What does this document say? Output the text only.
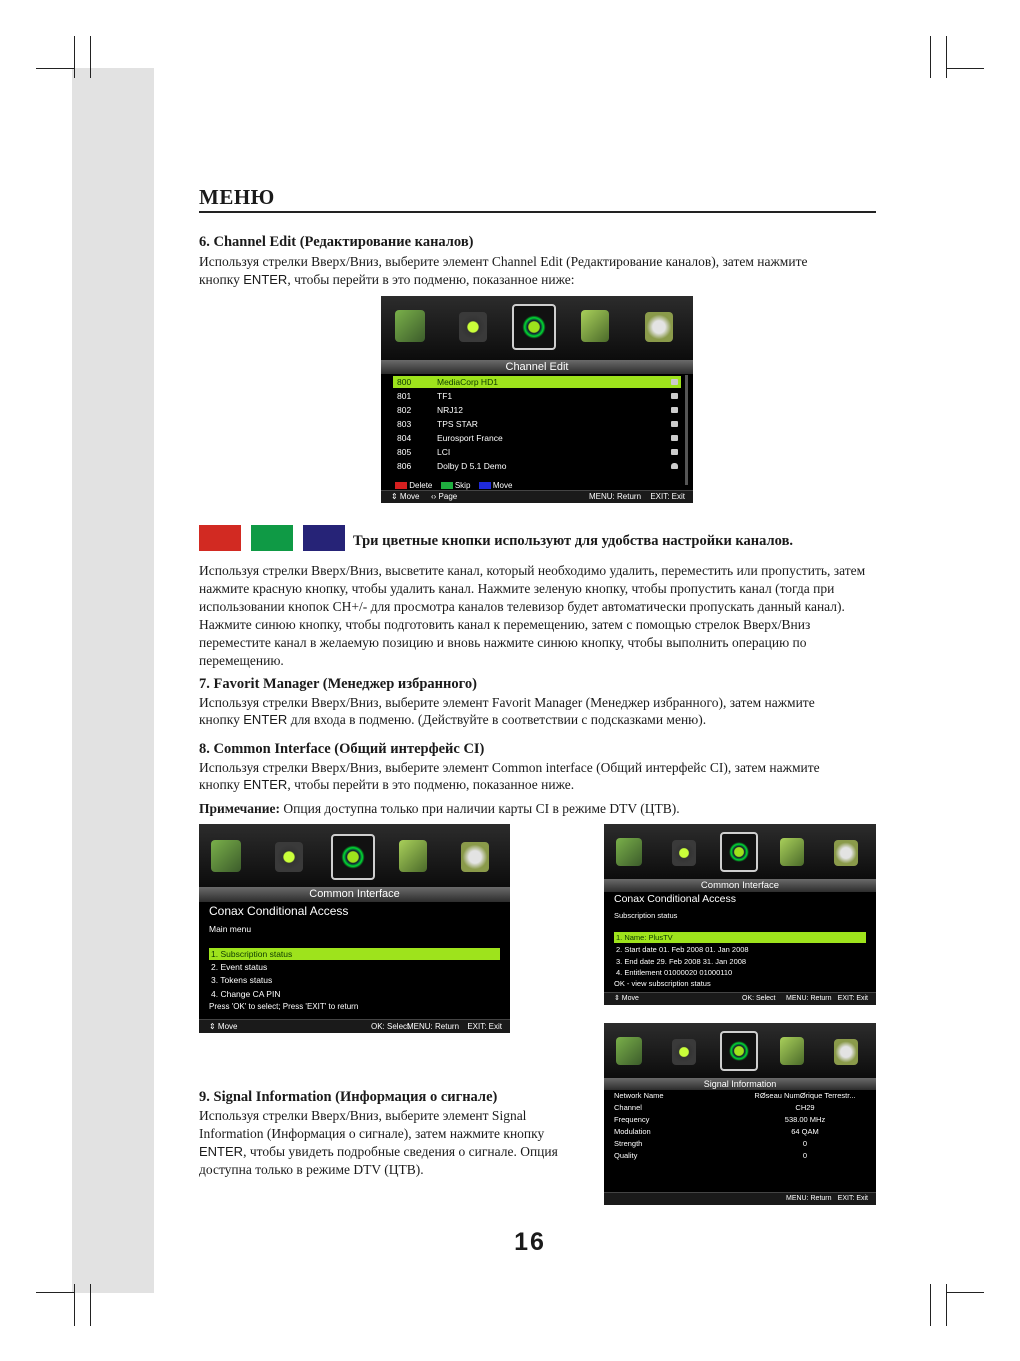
МЕНЮ
6. Channel Edit (Редактирование каналов)
Используя стрелки Вверх/Вниз, выберите элемент Channel Edit (Редактирование каналов), затем нажмите
кнопку ENTER, чтобы перейти в это подменю, показанное ниже:
Channel Edit
800	MediaCorp HD1
801	TF1
802	NRJ12
803	TPS STAR
804	Eurosport France
805	LCI
806	Dolby D 5.1 Demo
Delete	Skip	Move
⇕ Move ‹› Page	MENU: Return EXIT: Exit
Три цветные кнопки используют для удобства настройки каналов.
Используя стрелки Вверх/Вниз, высветите канал, который необходимо удалить, переместить или пропустить, затем
нажмите красную кнопку, чтобы удалить канал. Нажмите зеленую кнопку, чтобы пропустить канал (тогда при
использовании кнопок CH+/- для просмотра каналов телевизор будет автоматически пропускать данный канал).
Нажмите синюю кнопку, чтобы подготовить канал к перемещению, затем с помощью стрелок Вверх/Вниз
переместите канал в желаемую позицию и вновь нажмите синюю кнопку, чтобы выполнить операцию по
перемещению.
7. Favorit Manager (Менеджер избранного)
Используя стрелки Вверх/Вниз, выберите элемент Favorit Manager (Менеджер избранного), затем нажмите
кнопку ENTER для входа в подменю. (Действуйте в соответствии с подсказками меню).
8. Common Interface (Общий интерфейс CI)
Используя стрелки Вверх/Вниз, выберите элемент Common interface (Общий интерфейс CI), затем нажмите
кнопку ENTER, чтобы перейти в это подменю, показанное ниже.
Примечание: Опция доступна только при наличии карты CI в режиме DTV (ЦТВ).
Common Interface
Conax Conditional Access
Main menu
1. Subscription status
2. Event status
3. Tokens status
4. Change CA PIN
Press 'OK' to select; Press 'EXIT' to return
⇕ Move	OK: Select
MENU: Return EXIT: Exit
Common Interface
Conax Conditional Access
Subscription status
1. Name: PlusTV
2. Start date 01. Feb 2008 01. Jan 2008
3. End date 29. Feb 2008 31. Jan 2008
4. Entitlement 01000020 01000110
OK - view subscription status
⇕ Move	OK: Select MENU: Return EXIT: Exit
Signal Information
Network Name	RØseau NumØrique Terrestr...
Channel	CH29
Frequency	538.00 MHz
Modulation	64 QAM
Strength	0
Quality	0
MENU: Return EXIT: Exit
9. Signal Information (Информация о сигнале)
Используя стрелки Вверх/Вниз, выберите элемент Signal
Information (Информация о сигнале), затем нажмите кнопку
ENTER, чтобы увидеть подробные сведения о сигнале. Опция
доступна только в режиме DTV (ЦТВ).
16
